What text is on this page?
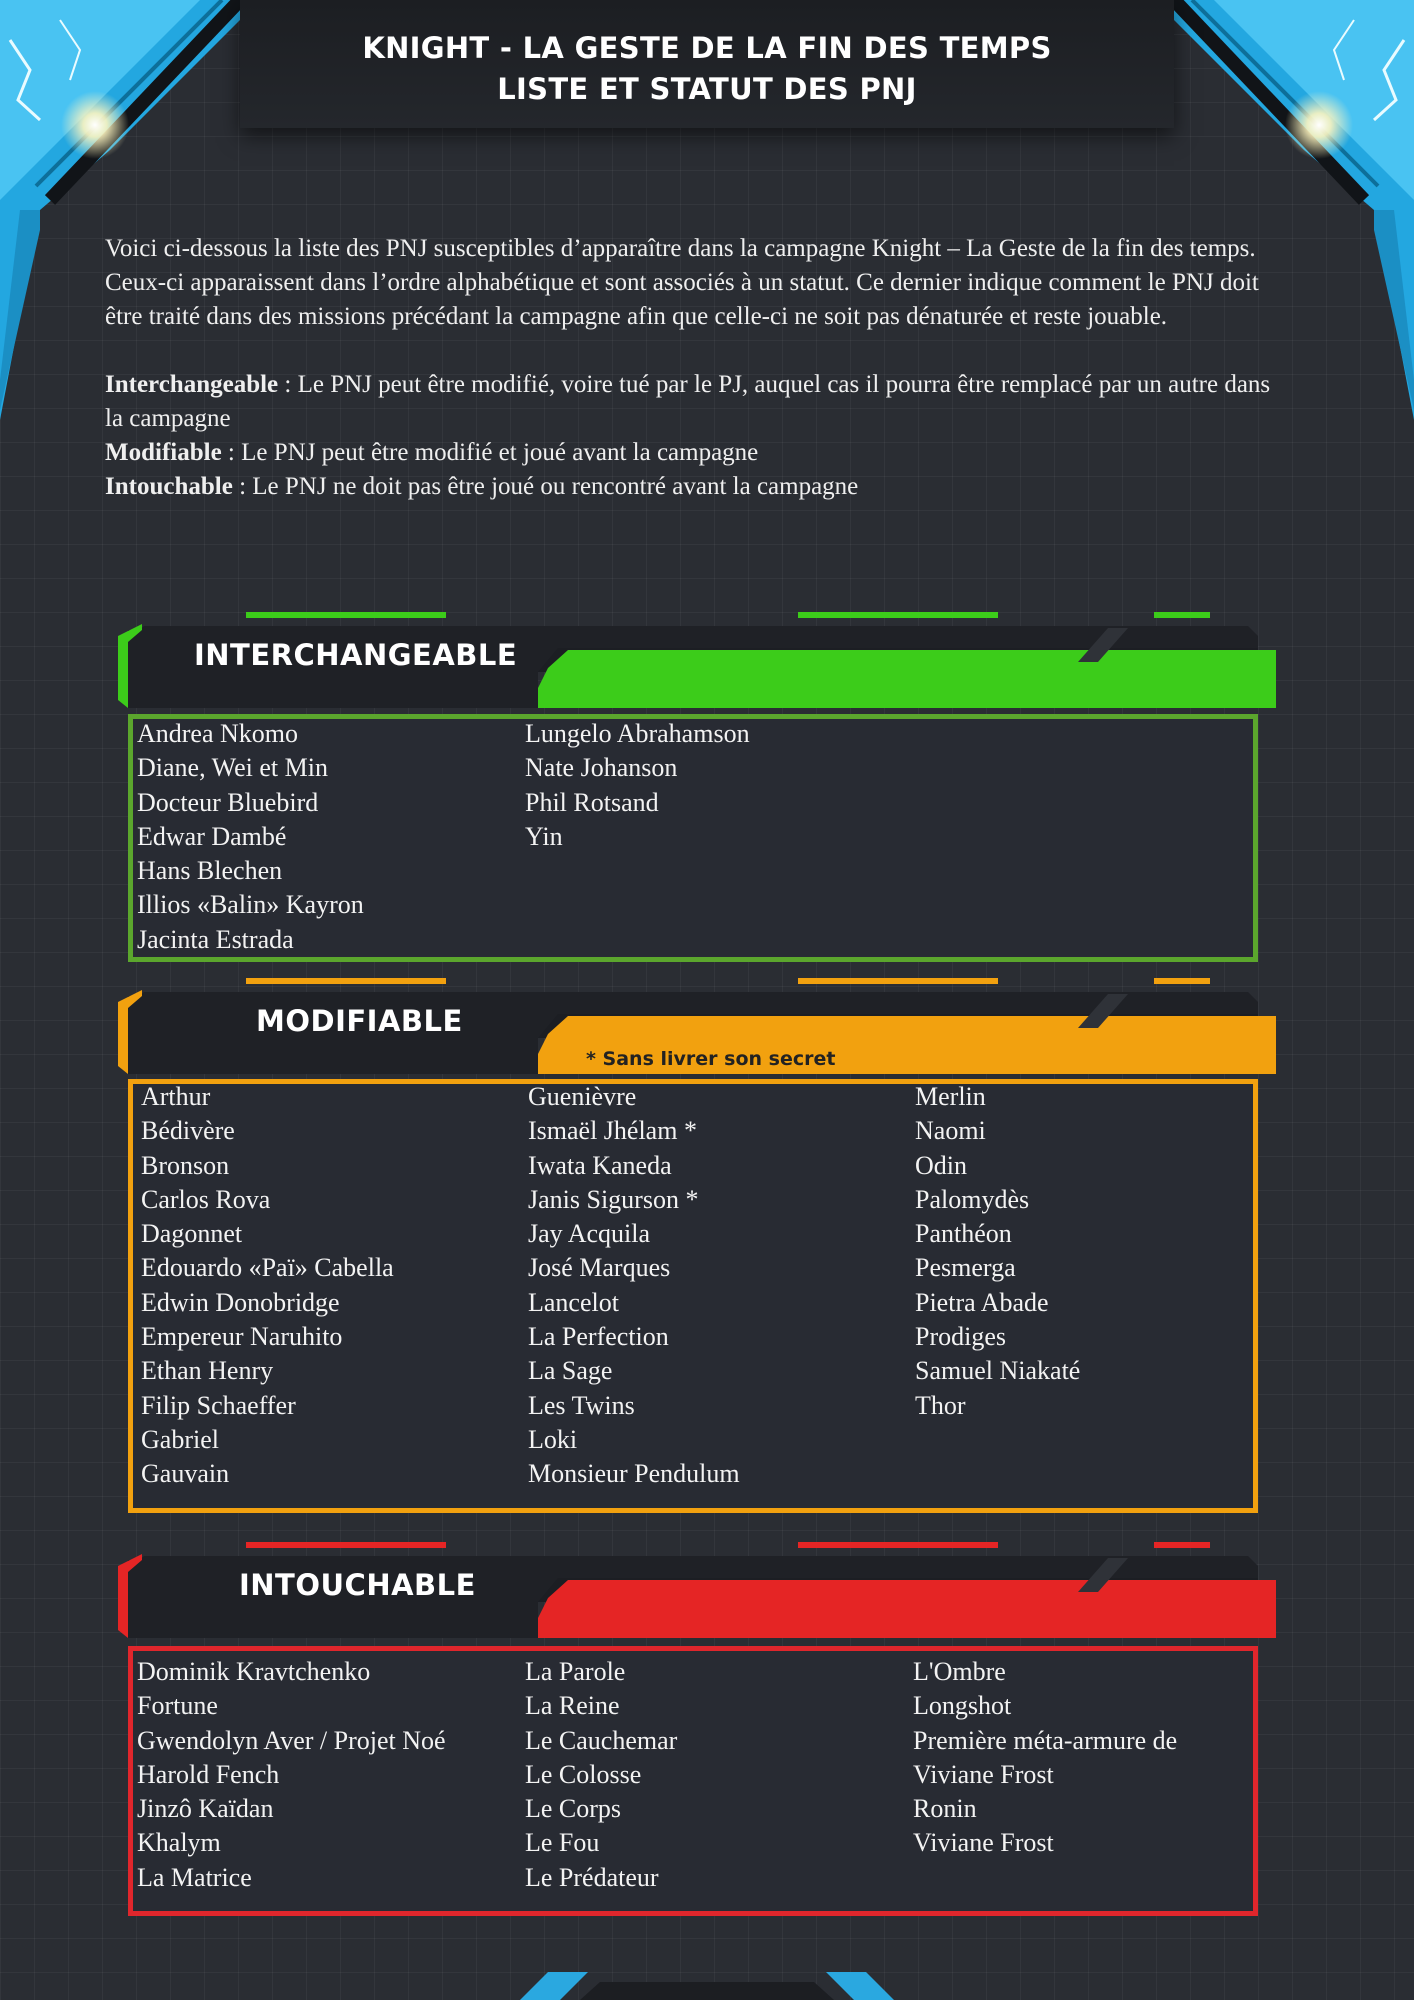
KNIGHT - LA GESTE DE LA FIN DES TEMPS
LISTE ET STATUT DES PNJ

Voici ci-dessous la liste des PNJ susceptibles d’apparaître dans la campagne Knight – La Geste de la fin des temps.

Ceux-ci apparaissent dans l’ordre alphabétique et sont associés à un statut. Ce dernier indique comment le PNJ doit être traité dans des missions précédant la campagne afin que celle-ci ne soit pas dénaturée et reste jouable.

Interchangeable : Le PNJ peut être modifié, voire tué par le PJ, auquel cas il pourra être remplacé par un autre dans la campagne

Modifiable : Le PNJ peut être modifié et joué avant la campagne

Intouchable : Le PNJ ne doit pas être joué ou rencontré avant la campagne

INTERCHANGEABLE
Andrea Nkomo
Diane, Wei et Min
Docteur Bluebird
Edwar Dambé
Hans Blechen
Illios «Balin» Kayron
Jacinta Estrada
Lungelo Abrahamson
Nate Johanson
Phil Rotsand
Yin
MODIFIABLE
* Sans livrer son secret
Arthur
Bédivère
Bronson
Carlos Rova
Dagonnet
Edouardo «Paï» Cabella
Edwin Donobridge
Empereur Naruhito
Ethan Henry
Filip Schaeffer
Gabriel
Gauvain
Guenièvre
Ismaël Jhélam *
Iwata Kaneda
Janis Sigurson *
Jay Acquila
José Marques
Lancelot
La Perfection
La Sage
Les Twins
Loki
Monsieur Pendulum
Merlin
Naomi
Odin
Palomydès
Panthéon
Pesmerga
Pietra Abade
Prodiges
Samuel Niakaté
Thor
INTOUCHABLE
Dominik Kravtchenko
Fortune
Gwendolyn Aver / Projet Noé
Harold Fench
Jinzô Kaïdan
Khalym
La Matrice
La Parole
La Reine
Le Cauchemar
Le Colosse
Le Corps
Le Fou
Le Prédateur
L'Ombre
Longshot
Première méta-armure de
Viviane Frost
Ronin
Viviane Frost
